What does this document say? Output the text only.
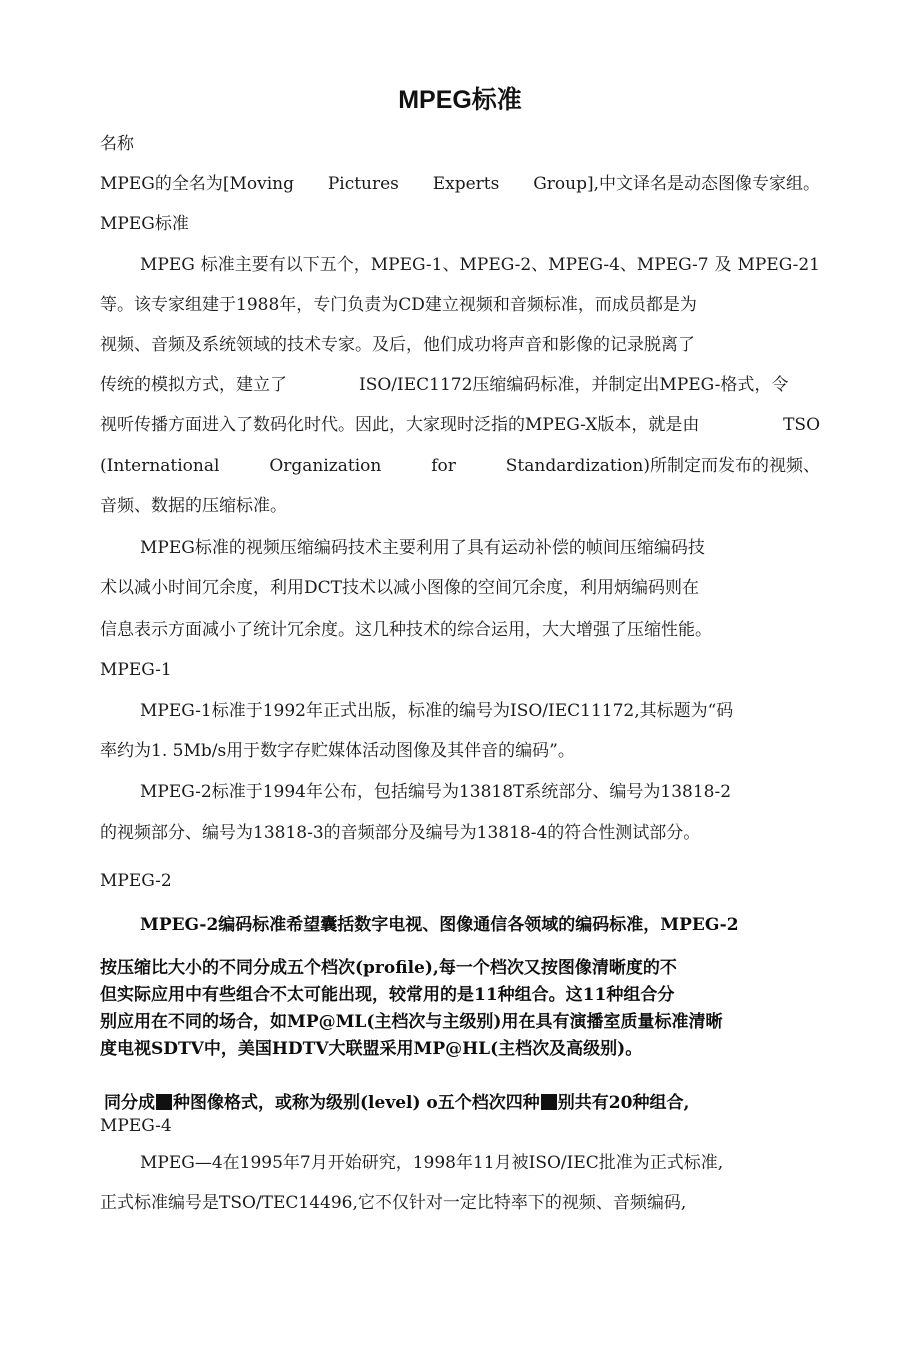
MPEG标准
名称
MPEG的全名为[Moving Pictures Experts Group],中文译名是动态图像专家组。
MPEG标准
MPEG 标准主要有以下五个，MPEG-1、MPEG-2、MPEG-4、MPEG-7 及 MPEG-21
等。该专家组建于1988年，专门负责为CD建立视频和音频标准，而成员都是为
视频、音频及系统领域的技术专家。及后，他们成功将声音和影像的记录脱离了
传统的模拟方式，建立了	ISO/IEC1172压缩编码标准，并制定出MPEG-格式，令
视听传播方面进入了数码化时代。因此，大家现时泛指的MPEG-X版本，就是由	TSO
(International	Organization	for	Standardization)所制定而发布的视频、
音频、数据的压缩标准。
MPEG标准的视频压缩编码技术主要利用了具有运动补偿的帧间压缩编码技
术以减小时间冗余度，利用DCT技术以减小图像的空间冗余度，利用炳编码则在
信息表示方面减小了统计冗余度。这几种技术的综合运用，大大增强了压缩性能。
MPEG-1
MPEG-1标准于1992年正式出版，标准的编号为ISO/IEC11172,其标题为“码
率约为1. 5Mb/s用于数字存贮媒体活动图像及其伴音的编码”。
MPEG-2标准于1994年公布，包括编号为13818T系统部分、编号为13818-2
的视频部分、编号为13818-3的音频部分及编号为13818-4的符合性测试部分。
MPEG-2
MPEG-2编码标准希望囊括数字电视、图像通信各领域的编码标准，MPEG-2
按压缩比大小的不同分成五个档次(profile),每一个档次又按图像清晰度的不
但实际应用中有些组合不太可能出现，较常用的是11种组合。这11种组合分
别应用在不同的场合，如MP@ML(主档次与主级别)用在具有演播室质量标准清晰
度电视SDTV中，美国HDTV大联盟采用MP@HL(主档次及高级别)。
同分成 种图像格式，或称为级别(level) o五个档次四种 别共有20种组合,
MPEG-4
MPEG—4在1995年7月开始研究，1998年11月被ISO/IEC批准为正式标准,
正式标准编号是TSO/TEC14496,它不仅针对一定比特率下的视频、音频编码,
